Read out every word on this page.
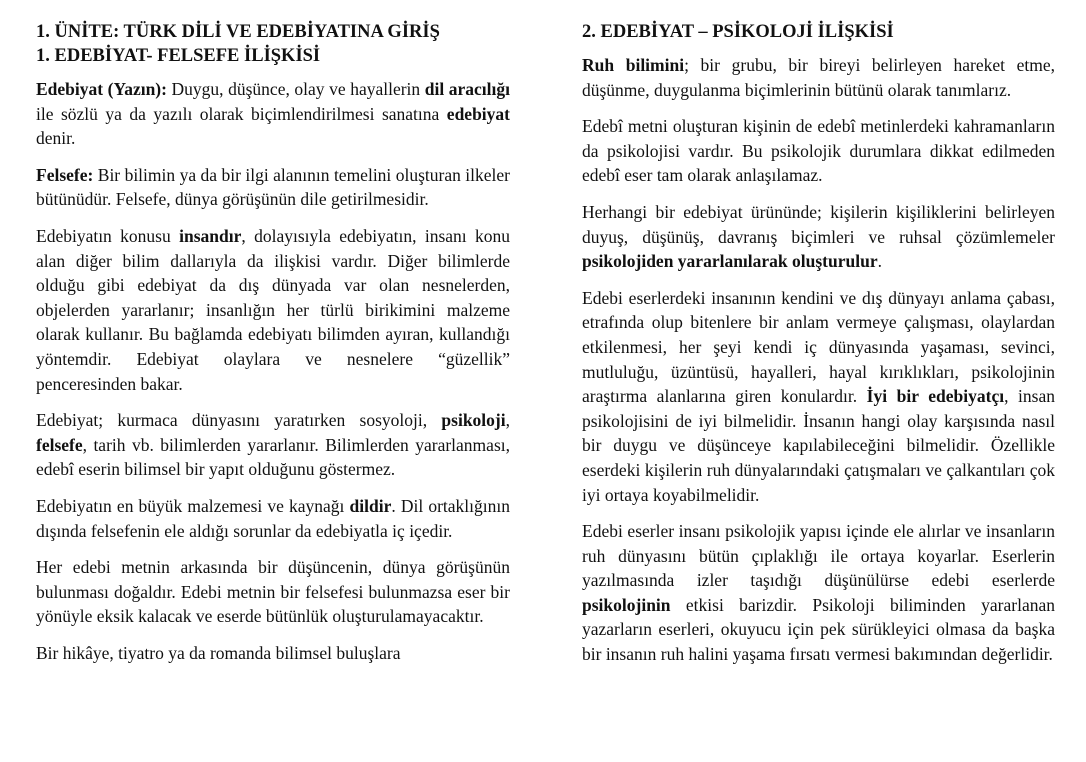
1. ÜNİTE: TÜRK DİLİ VE EDEBİYATINA GİRİŞ
1. EDEBİYAT- FELSEFE İLİŞKİSİ

Edebiyat (Yazın): Duygu, düşünce, olay ve hayallerin dil aracılığı ile sözlü ya da yazılı olarak biçimlendirilmesi sanatına edebiyat denir.

Felsefe: Bir bilimin ya da bir ilgi alanının temelini oluşturan ilkeler bütünüdür. Felsefe, dünya görüşünün dile getirilmesidir.

Edebiyatın konusu insandır, dolayısıyla edebiyatın, insanı konu alan diğer bilim dallarıyla da ilişkisi vardır. Diğer bilimlerde olduğu gibi edebiyat da dış dünyada var olan nesnelerden, objelerden yararlanır; insanlığın her türlü birikimini malzeme olarak kullanır. Bu bağlamda edebiyatı bilimden ayıran, kullandığı yöntemdir. Edebiyat olaylara ve nesnelere “güzellik” penceresinden bakar.

Edebiyat; kurmaca dünyasını yaratırken sosyoloji, psikoloji, felsefe, tarih vb. bilimlerden yararlanır. Bilimlerden yararlanması, edebî eserin bilimsel bir yapıt olduğunu göstermez.

Edebiyatın en büyük malzemesi ve kaynağı dildir. Dil ortaklığının dışında felsefenin ele aldığı sorunlar da edebiyatla iç içedir.

Her edebi metnin arkasında bir düşüncenin, dünya görüşünün bulunması doğaldır. Edebi metnin bir felsefesi bulunmazsa eser bir yönüyle eksik kalacak ve eserde bütünlük oluşturulamayacaktır.

Bir hikâye, tiyatro ya da romanda bilimsel buluşlara

2. EDEBİYAT – PSİKOLOJİ İLİŞKİSİ

Ruh bilimini; bir grubu, bir bireyi belirleyen hareket etme, düşünme, duygulanma biçimlerinin bütünü olarak tanımlarız.

Edebî metni oluşturan kişinin de edebî metinlerdeki kahramanların da psikolojisi vardır. Bu psikolojik durumlara dikkat edilmeden edebî eser tam olarak anlaşılamaz.

Herhangi bir edebiyat ürününde; kişilerin kişiliklerini belirleyen duyuş, düşünüş, davranış biçimleri ve ruhsal çözümlemeler psikolojiden yararlanılarak oluşturulur.

Edebi eserlerdeki insanının kendini ve dış dünyayı anlama çabası, etrafında olup bitenlere bir anlam vermeye çalışması, olaylardan etkilenmesi, her şeyi kendi iç dünyasında yaşaması, sevinci, mutluluğu, üzüntüsü, hayalleri, hayal kırıklıkları, psikolojinin araştırma alanlarına giren konulardır. İyi bir edebiyatçı, insan psikolojisini de iyi bilmelidir. İnsanın hangi olay karşısında nasıl bir duygu ve düşünceye kapılabileceğini bilmelidir. Özellikle eserdeki kişilerin ruh dünyalarındaki çatışmaları ve çalkantıları çok iyi ortaya koyabilmelidir.

Edebi eserler insanı psikolojik yapısı içinde ele alırlar ve insanların ruh dünyasını bütün çıplaklığı ile ortaya koyarlar. Eserlerin yazılmasında izler taşıdığı düşünülürse edebi eserlerde psikolojinin etkisi barizdir. Psikoloji biliminden yararlanan yazarların eserleri, okuyucu için pek sürükleyici olmasa da başka bir insanın ruh halini yaşama fırsatı vermesi bakımından değerlidir.
